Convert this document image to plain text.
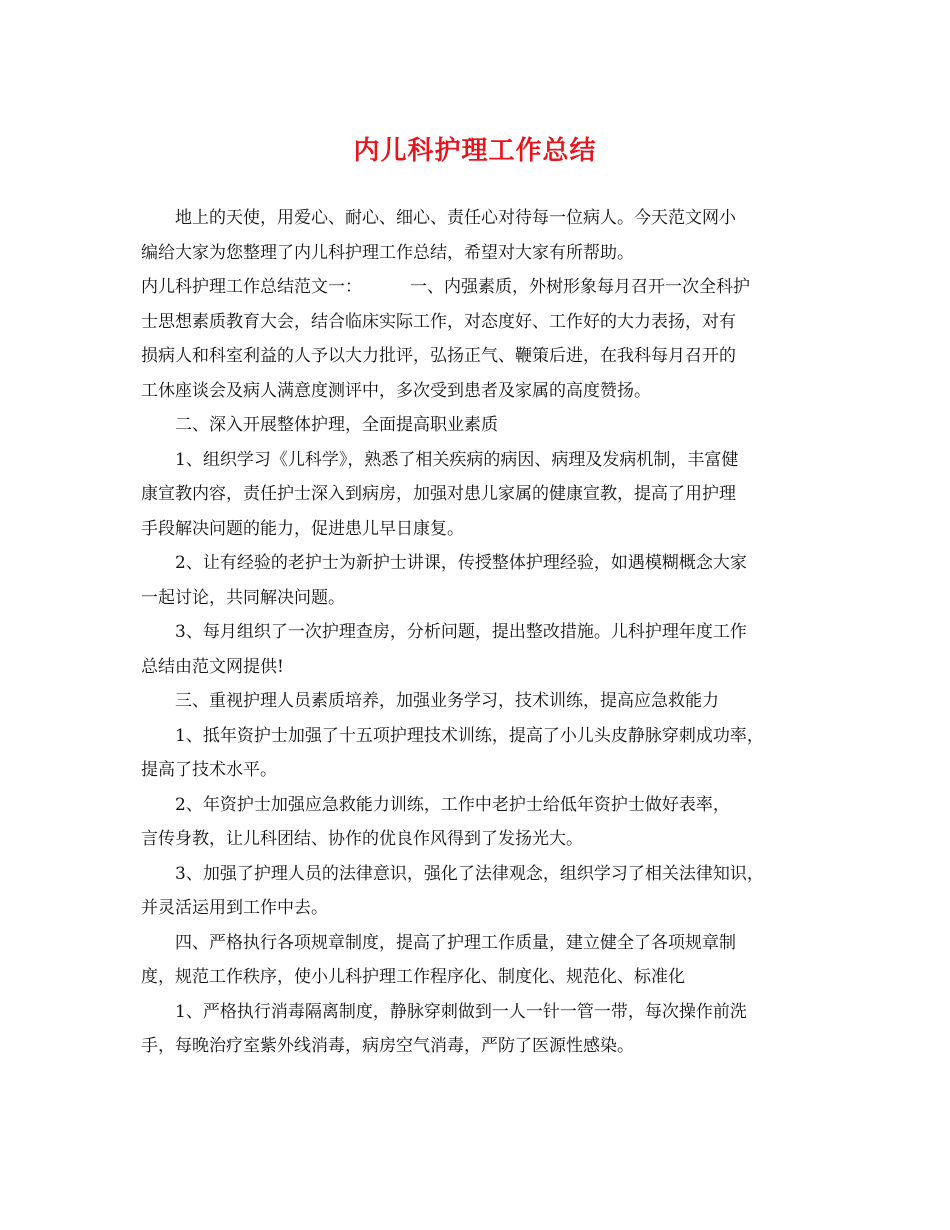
内儿科护理工作总结
地上的天使，用爱心、耐心、细心、责任心对待每一位病人。今天范文网小
编给大家为您整理了内儿科护理工作总结，希望对大家有所帮助。
内儿科护理工作总结范文一：	一、内强素质，外树形象每月召开一次全科护
士思想素质教育大会，结合临床实际工作，对态度好、工作好的大力表扬，对有
损病人和科室利益的人予以大力批评，弘扬正气、鞭策后进，在我科每月召开的
工休座谈会及病人满意度测评中，多次受到患者及家属的高度赞扬。
二、深入开展整体护理，全面提高职业素质
1、组织学习《儿科学》，熟悉了相关疾病的病因、病理及发病机制，丰富健
康宣教内容，责任护士深入到病房，加强对患儿家属的健康宣教，提高了用护理
手段解决问题的能力，促进患儿早日康复。
2、让有经验的老护士为新护士讲课，传授整体护理经验，如遇模糊概念大家
一起讨论，共同解决问题。
3、每月组织了一次护理查房，分析问题，提出整改措施。儿科护理年度工作
总结由范文网提供!
三、重视护理人员素质培养，加强业务学习，技术训练，提高应急救能力
1、抵年资护士加强了十五项护理技术训练，提高了小儿头皮静脉穿刺成功率，
提高了技术水平。
2、年资护士加强应急救能力训练，工作中老护士给低年资护士做好表率，
言传身教，让儿科团结、协作的优良作风得到了发扬光大。
3、加强了护理人员的法律意识，强化了法律观念，组织学习了相关法律知识，
并灵活运用到工作中去。
四、严格执行各项规章制度，提高了护理工作质量，建立健全了各项规章制
度，规范工作秩序，使小儿科护理工作程序化、制度化、规范化、标准化
1、严格执行消毒隔离制度，静脉穿刺做到一人一针一管一带，每次操作前洗
手，每晚治疗室紫外线消毒，病房空气消毒，严防了医源性感染。
